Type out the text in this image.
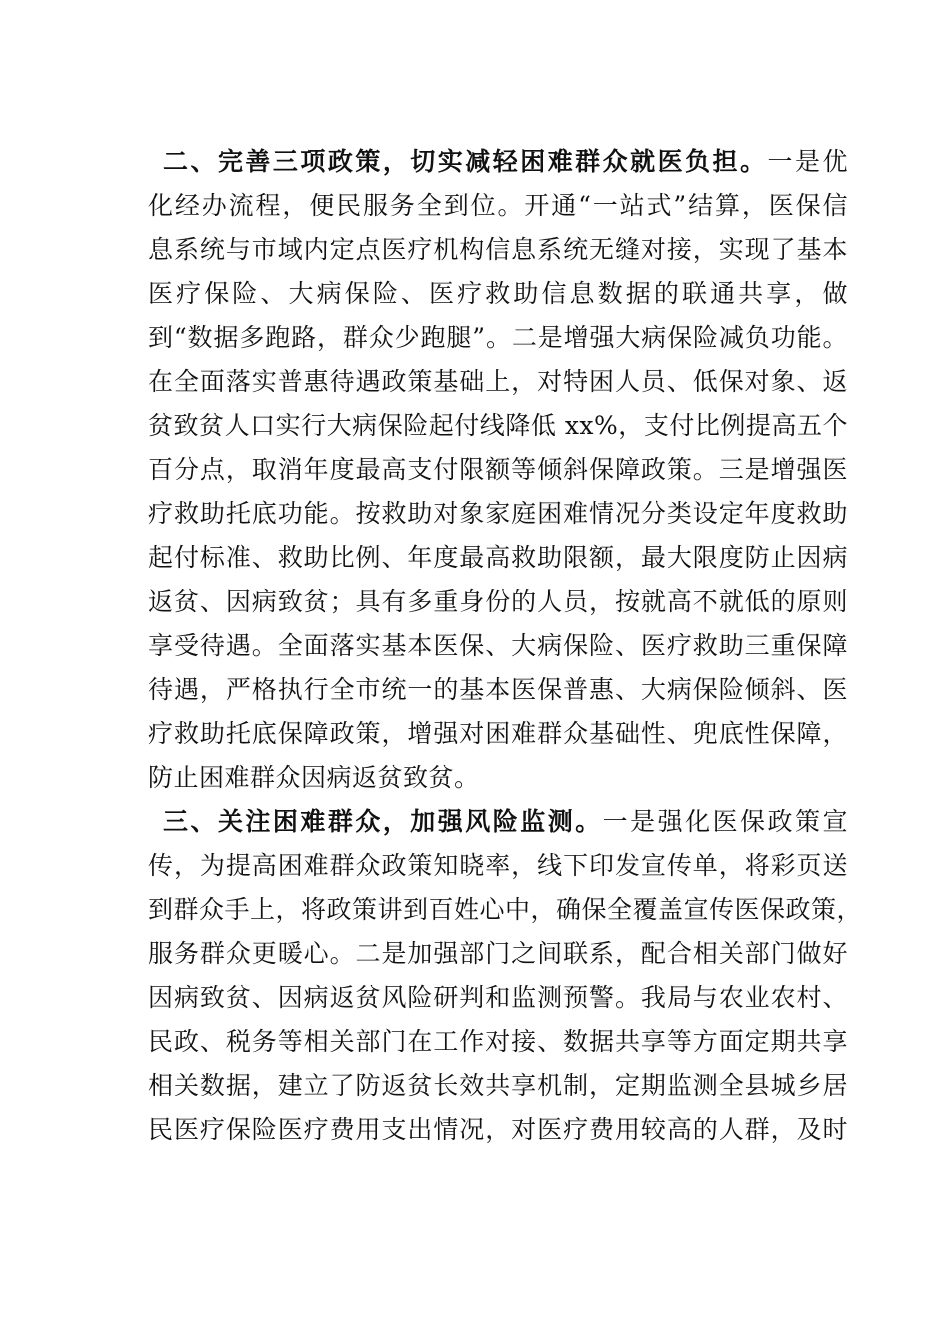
二、完善三项政策，切实减轻困难群众就医负担。一是优
化经办流程，便民服务全到位。开通“一站式”结算，医保信
息系统与市域内定点医疗机构信息系统无缝对接，实现了基本
医疗保险、大病保险、医疗救助信息数据的联通共享，做
到“数据多跑路，群众少跑腿”。二是增强大病保险减负功能。
在全面落实普惠待遇政策基础上，对特困人员、低保对象、返
贫致贫人口实行大病保险起付线降低 xx%，支付比例提高五个
百分点，取消年度最高支付限额等倾斜保障政策。三是增强医
疗救助托底功能。按救助对象家庭困难情况分类设定年度救助
起付标准、救助比例、年度最高救助限额，最大限度防止因病
返贫、因病致贫；具有多重身份的人员，按就高不就低的原则
享受待遇。全面落实基本医保、大病保险、医疗救助三重保障
待遇，严格执行全市统一的基本医保普惠、大病保险倾斜、医
疗救助托底保障政策，增强对困难群众基础性、兜底性保障，
防止困难群众因病返贫致贫。
三、关注困难群众，加强风险监测。一是强化医保政策宣
传，为提高困难群众政策知晓率，线下印发宣传单，将彩页送
到群众手上，将政策讲到百姓心中，确保全覆盖宣传医保政策，
服务群众更暖心。二是加强部门之间联系，配合相关部门做好
因病致贫、因病返贫风险研判和监测预警。我局与农业农村、
民政、税务等相关部门在工作对接、数据共享等方面定期共享
相关数据，建立了防返贫长效共享机制，定期监测全县城乡居
民医疗保险医疗费用支出情况，对医疗费用较高的人群，及时
